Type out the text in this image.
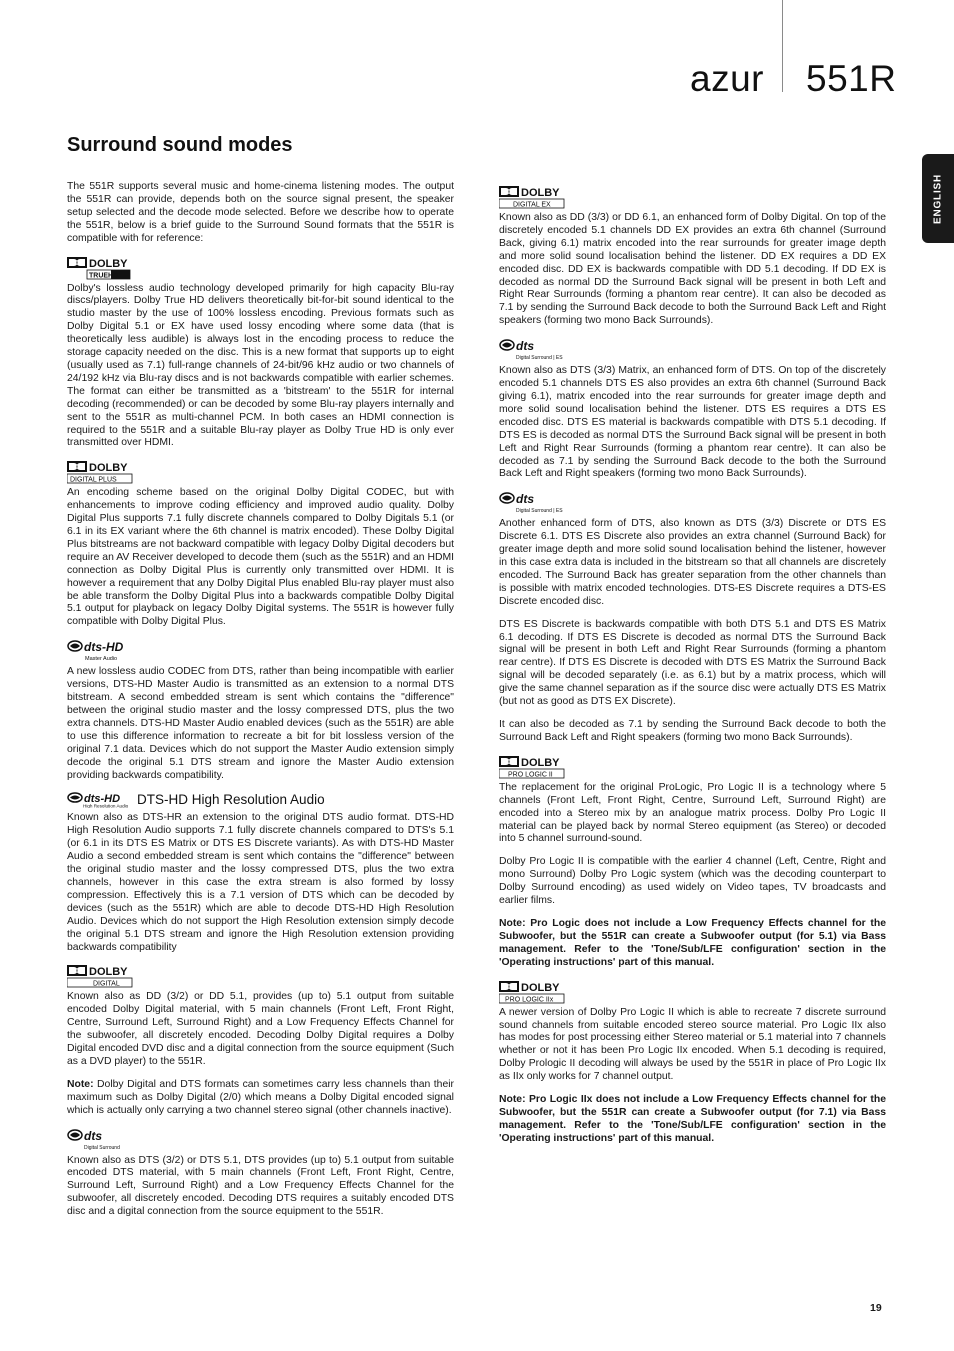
azur 551R
ENGLISH
Surround sound modes

The 551R supports several music and home-cinema listening modes. The output the 551R can provide, depends both on the source signal present, the speaker setup selected and the decode mode selected. Before we describe how to operate the 551R, below is a brief guide to the Surround Sound formats that the 551R is compatible with for reference:

DOLBY
TRUEHD

Dolby's lossless audio technology developed primarily for high capacity Blu-ray discs/players. Dolby True HD delivers theoretically bit-for-bit sound identical to the studio master by the use of 100% lossless encoding. Previous formats such as Dolby Digital 5.1 or EX have used lossy encoding where some data (that is theoretically less audible) is always lost in the encoding process to reduce the storage capacity needed on the disc. This is a new format that supports up to eight (usually used as 7.1) full-range channels of 24-bit/96 kHz audio or two channels of 24/192 kHz via Blu-ray discs and is not backwards compatible with earlier schemes. The format can either be transmitted as a 'bitstream' to the 551R for internal decoding (recommended) or can be decoded by some Blu-ray players internally and sent to the 551R as multi-channel PCM. In both cases an HDMI connection is required to the 551R and a suitable Blu-ray player as Dolby True HD is only ever transmitted over HDMI.

DOLBY
DIGITAL PLUS

An encoding scheme based on the original Dolby Digital CODEC, but with enhancements to improve coding efficiency and improved audio quality. Dolby Digital Plus supports 7.1 fully discrete channels compared to Dolby Digitals 5.1 (or 6.1 in its EX variant where the 6th channel is matrix encoded). These Dolby Digital Plus bitstreams are not backward compatible with legacy Dolby Digital decoders but require an AV Receiver developed to decode them (such as the 551R) and an HDMI connection as Dolby Digital Plus is currently only transmitted over HDMI. It is however a requirement that any Dolby Digital Plus enabled Blu-ray player must also be able transform the Dolby Digital Plus into a backwards compatible Dolby Digital 5.1 output for playback on legacy Dolby Digital systems. The 551R is however fully compatible with Dolby Digital Plus.

dts-HD
Master Audio

A new lossless audio CODEC from DTS, rather than being incompatible with earlier versions, DTS-HD Master Audio is transmitted as an extension to a normal DTS bitstream. A second embedded stream is sent which contains the "difference" between the original studio master and the lossy compressed DTS, plus the two extra channels. DTS-HD Master Audio enabled devices (such as the 551R) are able to use this difference information to recreate a bit for bit lossless version of the original 7.1 data. Devices which do not support the Master Audio extension simply decode the original 5.1 DTS stream and ignore the Master Audio extension providing backwards compatibility.

dts-HD
High Resolution Audio DTS-HD High Resolution Audio

Known also as DTS-HR an extension to the original DTS audio format. DTS-HD High Resolution Audio supports 7.1 fully discrete channels compared to DTS's 5.1 (or 6.1 in its DTS ES Matrix or DTS ES Discrete variants). As with DTS-HD Master Audio a second embedded stream is sent which contains the "difference" between the original studio master and the lossy compressed DTS, plus the two extra channels, however in this case the extra stream is also formed by lossy compression. Effectively this is a 7.1 version of DTS which can be decoded by devices (such as the 551R) which are able to decode DTS-HD High Resolution Audio. Devices which do not support the High Resolution extension simply decode the original 5.1 DTS stream and ignore the High Resolution extension providing backwards compatibility

DOLBY
DIGITAL

Known also as DD (3/2) or DD 5.1, provides (up to) 5.1 output from suitable encoded Dolby Digital material, with 5 main channels (Front Left, Front Right, Centre, Surround Left, Surround Right) and a Low Frequency Effects Channel for the subwoofer, all discretely encoded. Decoding Dolby Digital requires a Dolby Digital encoded DVD disc and a digital connection from the source equipment (Such as a DVD player) to the 551R.

Note: Dolby Digital and DTS formats can sometimes carry less channels than their maximum such as Dolby Digital (2/0) which means a Dolby Digital encoded signal which is actually only carrying a two channel stereo signal (other channels inactive).

dts
Digital Surround

Known also as DTS (3/2) or DTS 5.1, DTS provides (up to) 5.1 output from suitable encoded DTS material, with 5 main channels (Front Left, Front Right, Centre, Surround Left, Surround Right) and a Low Frequency Effects Channel for the subwoofer, all discretely encoded. Decoding DTS requires a suitably encoded DTS disc and a digital connection from the source equipment to the 551R.

DOLBY
DIGITAL EX

Known also as DD (3/3) or DD 6.1, an enhanced form of Dolby Digital. On top of the discretely encoded 5.1 channels DD EX provides an extra 6th channel (Surround Back, giving 6.1) matrix encoded into the rear surrounds for greater image depth and more solid sound localisation behind the listener. DD EX requires a DD EX encoded disc. DD EX is backwards compatible with DD 5.1 decoding. If DD EX is decoded as normal DD the Surround Back signal will be present in both Left and Right Rear Surrounds (forming a phantom rear centre). It can also be decoded as 7.1 by sending the Surround Back decode to both the Surround Back Left and Right speakers (forming two mono Back Surrounds).

dts
Digital Surround | ES

Known also as DTS (3/3) Matrix, an enhanced form of DTS. On top of the discretely encoded 5.1 channels DTS ES also provides an extra 6th channel (Surround Back giving 6.1), matrix encoded into the rear surrounds for greater image depth and more solid sound localisation behind the listener. DTS ES requires a DTS ES encoded disc. DTS ES material is backwards compatible with DTS 5.1 decoding. If DTS ES is decoded as normal DTS the Surround Back signal will be present in both Left and Right Rear Surrounds (forming a phantom rear centre). It can also be decoded as 7.1 by sending the Surround Back decode to the both the Surround Back Left and Right speakers (forming two mono Back Surrounds).

dts
Digital Surround | ES

Another enhanced form of DTS, also known as DTS (3/3) Discrete or DTS ES Discrete 6.1. DTS ES Discrete also provides an extra channel (Surround Back) for greater image depth and more solid sound localisation behind the listener, however in this case extra data is included in the bitstream so that all channels are discretely encoded. The Surround Back has greater separation from the other channels than is possible with matrix encoded technologies. DTS-ES Discrete requires a DTS-ES Discrete encoded disc.

DTS ES Discrete is backwards compatible with both DTS 5.1 and DTS ES Matrix 6.1 decoding. If DTS ES Discrete is decoded as normal DTS the Surround Back signal will be present in both Left and Right Rear Surrounds (forming a phantom rear centre). If DTS ES Discrete is decoded with DTS ES Matrix the Surround Back signal will be decoded separately (i.e. as 6.1) but by a matrix process, which will give the same channel separation as if the source disc were actually DTS ES Matrix (but not as good as DTS EX Discrete).

It can also be decoded as 7.1 by sending the Surround Back decode to both the Surround Back Left and Right speakers (forming two mono Back Surrounds).

DOLBY
PRO LOGIC II

The replacement for the original ProLogic, Pro Logic II is a technology where 5 channels (Front Left, Front Right, Centre, Surround Left, Surround Right) are encoded into a Stereo mix by an analogue matrix process. Dolby Pro Logic II material can be played back by normal Stereo equipment (as Stereo) or decoded into 5 channel surround-sound.

Dolby Pro Logic II is compatible with the earlier 4 channel (Left, Centre, Right and mono Surround) Dolby Pro Logic system (which was the decoding counterpart to Dolby Surround encoding) as used widely on Video tapes, TV broadcasts and earlier films.

Note: Pro Logic does not include a Low Frequency Effects channel for the Subwoofer, but the 551R can create a Subwoofer output (for 5.1) via Bass management. Refer to the 'Tone/Sub/LFE configuration' section in the 'Operating instructions' part of this manual.

DOLBY
PRO LOGIC IIx

A newer version of Dolby Pro Logic II which is able to recreate 7 discrete surround sound channels from suitable encoded stereo source material. Pro Logic IIx also has modes for post processing either Stereo material or 5.1 material into 7 channels whether or not it has been Pro Logic IIx encoded. When 5.1 decoding is required, Dolby Prologic II decoding will always be used by the 551R in place of Pro Logic IIx as IIx only works for 7 channel output.

Note: Pro Logic IIx does not include a Low Frequency Effects channel for the Subwoofer, but the 551R can create a Subwoofer output (for 7.1) via Bass management. Refer to the 'Tone/Sub/LFE configuration' section in the 'Operating instructions' part of this manual.

19
